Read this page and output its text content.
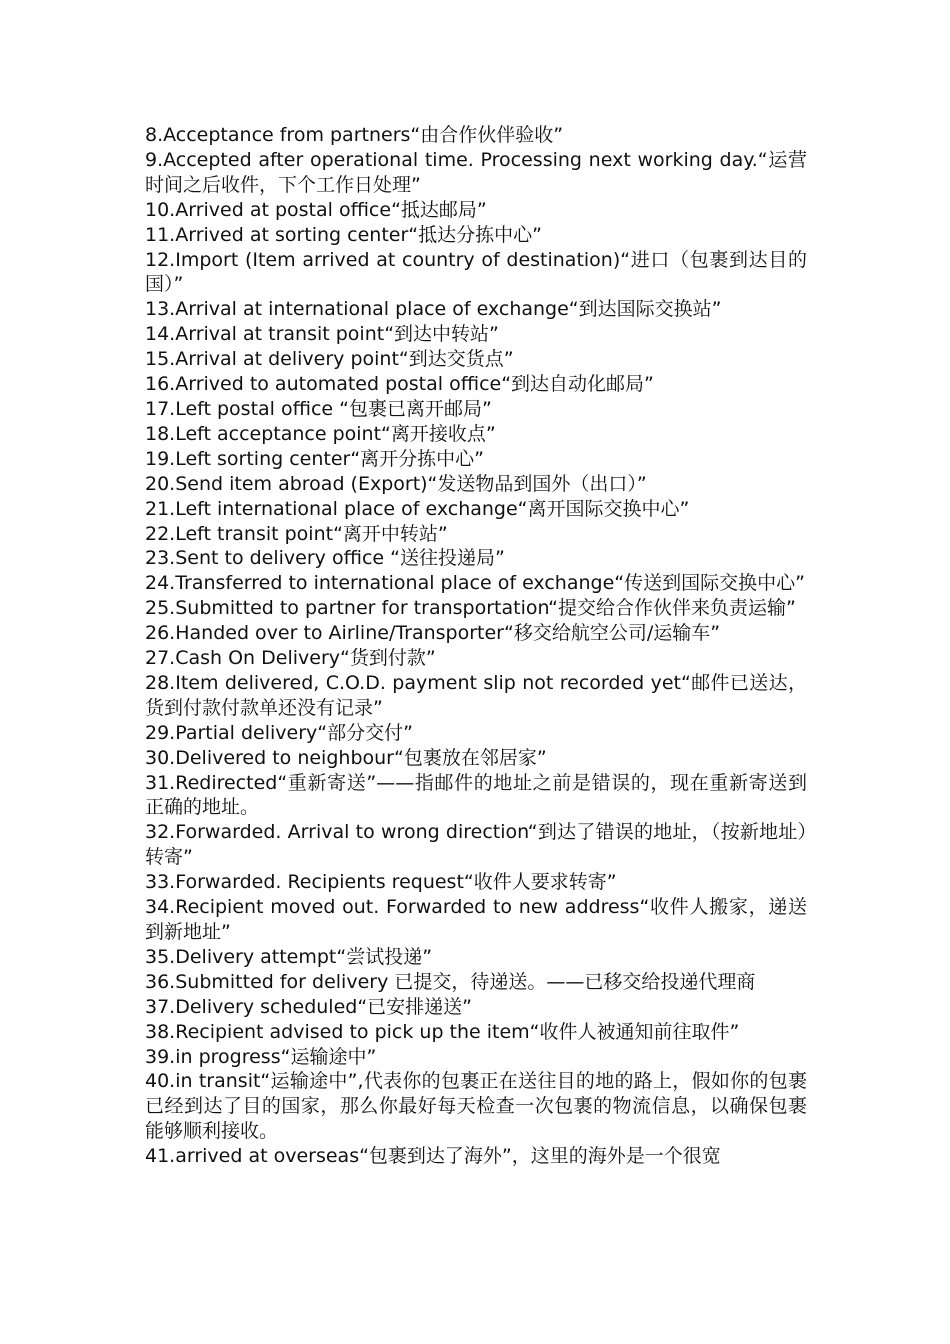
8.Acceptance from partners“由合作伙伴验收”

9.Accepted after operational time. Processing next working day.“运营时间之后收件，下个工作日处理”

10.Arrived at postal office“抵达邮局”

11.Arrived at sorting center“抵达分拣中心”

12.Import (Item arrived at country of destination)“进口（包裹到达目的国）”

13.Arrival at international place of exchange“到达国际交换站”

14.Arrival at transit point“到达中转站”

15.Arrival at delivery point“到达交货点”

16.Arrived to automated postal office“到达自动化邮局”

17.Left postal office “包裹已离开邮局”

18.Left acceptance point“离开接收点”

19.Left sorting center“离开分拣中心”

20.Send item abroad (Export)“发送物品到国外（出口）”

21.Left international place of exchange“离开国际交换中心”

22.Left transit point“离开中转站”

23.Sent to delivery office “送往投递局”

24.Transferred to international place of exchange“传送到国际交换中心”

25.Submitted to partner for transportation“提交给合作伙伴来负责运输”

26.Handed over to Airline/Transporter“移交给航空公司/运输车”

27.Cash On Delivery“货到付款”

28.Item delivered, C.O.D. payment slip not recorded yet“邮件已送达，货到付款付款单还没有记录”

29.Partial delivery“部分交付”

30.Delivered to neighbour“包裹放在邻居家”

31.Redirected“重新寄送”——指邮件的地址之前是错误的，现在重新寄送到正确的地址。

32.Forwarded. Arrival to wrong direction“到达了错误的地址，（按新地址）转寄”

33.Forwarded. Recipients request“收件人要求转寄”

34.Recipient moved out. Forwarded to new address“收件人搬家，递送到新地址”

35.Delivery attempt“尝试投递”

36.Submitted for delivery 已提交，待递送。——已移交给投递代理商

37.Delivery scheduled“已安排递送”

38.Recipient advised to pick up the item“收件人被通知前往取件”

39.in progress“运输途中”

40.in transit“运输途中”,代表你的包裹正在送往目的地的路上，假如你的包裹已经到达了目的国家，那么你最好每天检查一次包裹的物流信息，以确保包裹能够顺利接收。

41.arrived at overseas“包裹到达了海外”，这里的海外是一个很宽
